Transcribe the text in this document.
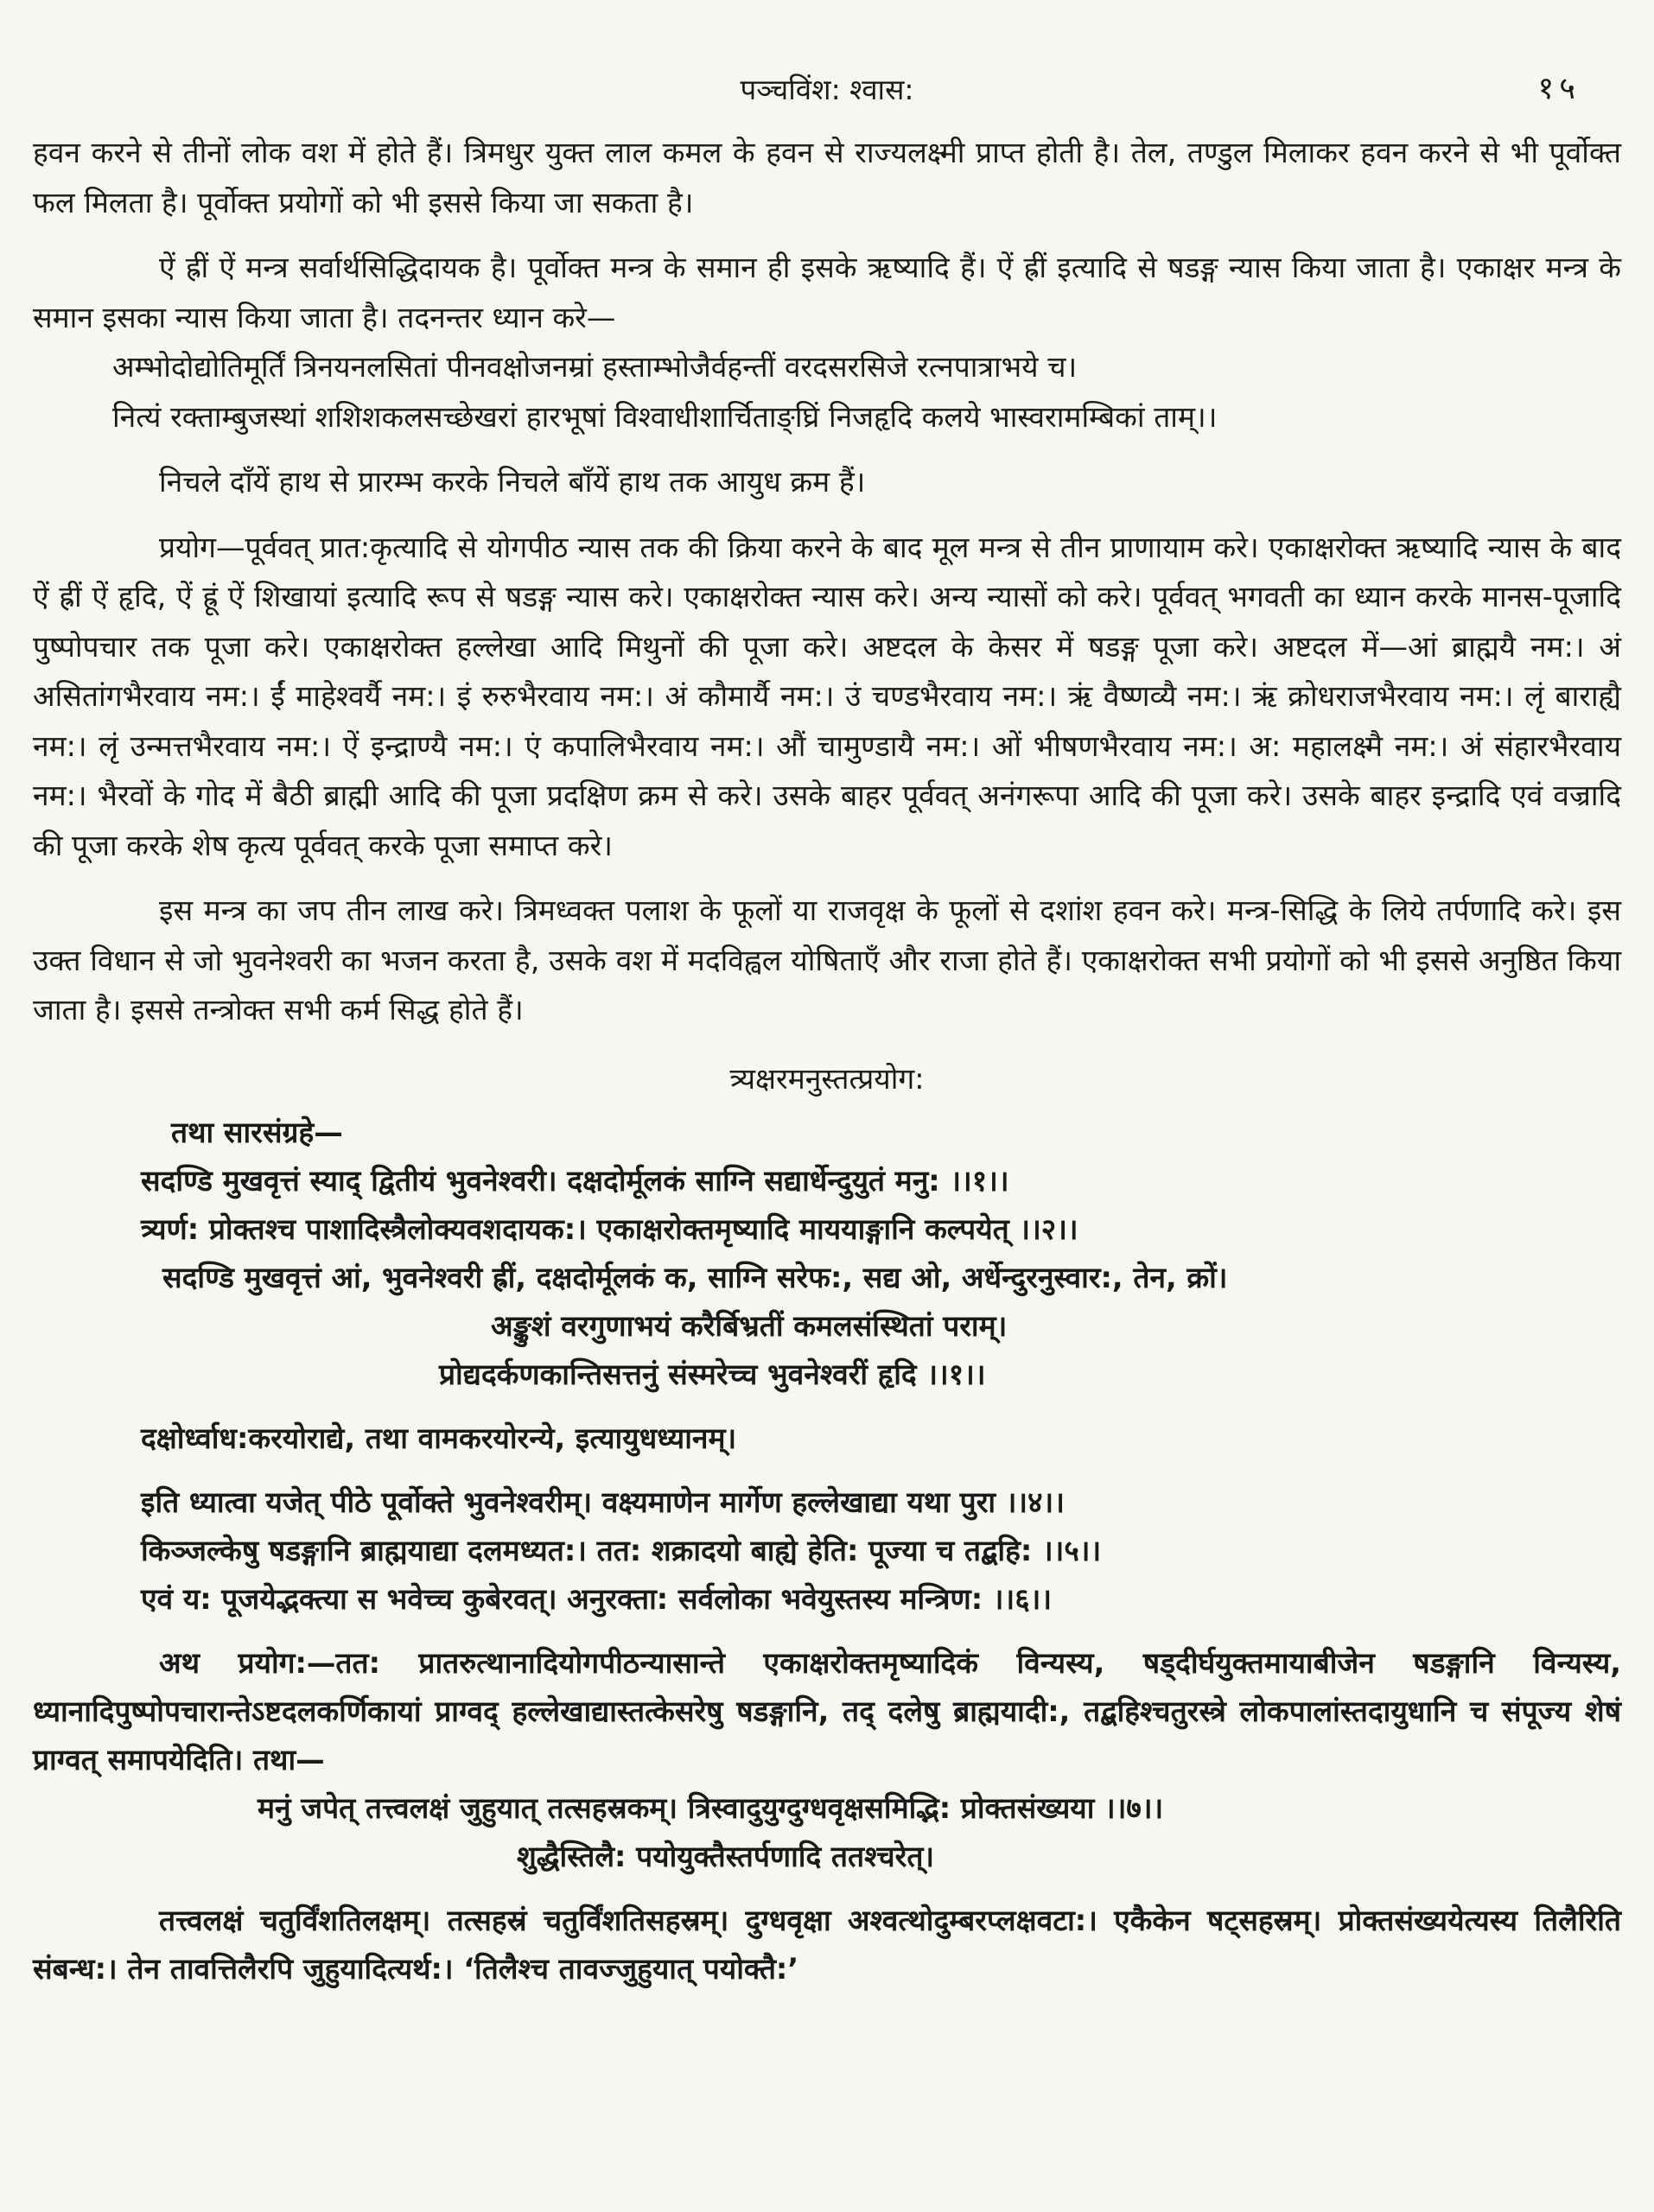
पञ्चविंश: श्वास:	१५

हवन करने से तीनों लोक वश में होते हैं। त्रिमधुर युक्त लाल कमल के हवन से राज्यलक्ष्मी प्राप्त होती है। तेल, तण्डुल मिलाकर हवन करने से भी पूर्वोक्त फल मिलता है। पूर्वोक्त प्रयोगों को भी इससे किया जा सकता है।

ऐं ह्रीं ऐं मन्त्र सर्वार्थसिद्धिदायक है। पूर्वोक्त मन्त्र के समान ही इसके ऋष्यादि हैं। ऐं ह्रीं इत्यादि से षडङ्ग न्यास किया जाता है। एकाक्षर मन्त्र के समान इसका न्यास किया जाता है। तदनन्तर ध्यान करे—

अम्भोदोद्योतिमूर्तिं त्रिनयनलसितां पीनवक्षोजनम्रां हस्ताम्भोजैर्वहन्तीं वरदसरसिजे रत्नपात्राभये च।

नित्यं रक्ताम्बुजस्थां शशिशकलसच्छेखरां हारभूषां विश्वाधीशार्चिताङ्घ्रिं निजहृदि कलये भास्वरामम्बिकां ताम्।।

निचले दाँयें हाथ से प्रारम्भ करके निचले बाँयें हाथ तक आयुध क्रम हैं।

प्रयोग—पूर्ववत् प्रात:कृत्यादि से योगपीठ न्यास तक की क्रिया करने के बाद मूल मन्त्र से तीन प्राणायाम करे। एकाक्षरोक्त ऋष्यादि न्यास के बाद ऐं ह्रीं ऐं हृदि, ऐं ह्रूं ऐं शिखायां इत्यादि रूप से षडङ्ग न्यास करे। एकाक्षरोक्त न्यास करे। अन्य न्यासों को करे। पूर्ववत् भगवती का ध्यान करके मानस-पूजादि पुष्पोपचार तक पूजा करे। एकाक्षरोक्त हल्लेखा आदि मिथुनों की पूजा करे। अष्टदल के केसर में षडङ्ग पूजा करे। अष्टदल में—आं ब्राह्मयै नम:। अं असितांगभैरवाय नम:। ईं माहेश्वर्यै नम:। इं रुरुभैरवाय नम:। अं कौमार्यै नम:। उं चण्डभैरवाय नम:। ऋं वैष्णव्यै नम:। ऋं क्रोधराजभैरवाय नम:। लृं बाराह्यै नम:। लृं उन्मत्तभैरवाय नम:। ऐं इन्द्राण्यै नम:। एं कपालिभैरवाय नम:। औं चामुण्डायै नम:। ओं भीषणभैरवाय नम:। अ: महालक्ष्मै नम:। अं संहारभैरवाय नम:। भैरवों के गोद में बैठी ब्राह्मी आदि की पूजा प्रदक्षिण क्रम से करे। उसके बाहर पूर्ववत् अनंगरूपा आदि की पूजा करे। उसके बाहर इन्द्रादि एवं वज्रादि की पूजा करके शेष कृत्य पूर्ववत् करके पूजा समाप्त करे।

इस मन्त्र का जप तीन लाख करे। त्रिमध्वक्त पलाश के फूलों या राजवृक्ष के फूलों से दशांश हवन करे। मन्त्र-सिद्धि के लिये तर्पणादि करे। इस उक्त विधान से जो भुवनेश्वरी का भजन करता है, उसके वश में मदविह्वल योषिताएँ और राजा होते हैं। एकाक्षरोक्त सभी प्रयोगों को भी इससे अनुष्ठित किया जाता है। इससे तन्त्रोक्त सभी कर्म सिद्ध होते हैं।

त्र्यक्षरमनुस्तत्प्रयोग:

तथा सारसंग्रहे—

सदण्डि मुखवृत्तं स्याद् द्वितीयं भुवनेश्वरी। दक्षदोर्मूलकं साग्नि सद्यार्धेन्दुयुतं मनु: ।।१।।

त्र्यर्ण: प्रोक्तश्च पाशादिस्त्रैलोक्यवशदायक:। एकाक्षरोक्तमृष्यादि माययाङ्गानि कल्पयेत् ।।२।।

सदण्डि मुखवृत्तं आं, भुवनेश्वरी ह्रीं, दक्षदोर्मूलकं क, साग्नि सरेफ:, सद्य ओ, अर्धेन्दुरनुस्वार:, तेन, क्रों।

अङ्कुशं वरगुणाभयं करैर्बिभ्रतीं कमलसंस्थितां पराम्।

प्रोद्यदर्कणकान्तिसत्तनुं संस्मरेच्च भुवनेश्वरीं हृदि ।।१।।

दक्षोर्ध्वाध:करयोराद्ये, तथा वामकरयोरन्ये, इत्यायुधध्यानम्।

इति ध्यात्वा यजेत् पीठे पूर्वोक्ते भुवनेश्वरीम्। वक्ष्यमाणेन मार्गेण हल्लेखाद्या यथा पुरा ।।४।।

किञ्जल्केषु षडङ्गानि ब्राह्मयाद्या दलमध्यत:। तत: शक्रादयो बाह्ये हेति: पूज्या च तद्बहि: ।।५।।

एवं य: पूजयेद्भक्त्या स भवेच्च कुबेरवत्। अनुरक्ता: सर्वलोका भवेयुस्तस्य मन्त्रिण: ।।६।।

अथ प्रयोग:—तत: प्रातरुत्थानादियोगपीठन्यासान्ते एकाक्षरोक्तमृष्यादिकं विन्यस्य, षड्दीर्घयुक्तमायाबीजेन षडङ्गानि विन्यस्य, ध्यानादिपुष्पोपचारान्तेऽष्टदलकर्णिकायां प्राग्वद् हल्लेखाद्यास्तत्केसरेषु षडङ्गानि, तद् दलेषु ब्राह्मयादी:, तद्बहिश्चतुरस्त्रे लोकपालांस्तदायुधानि च संपूज्य शेषं प्राग्वत् समापयेदिति। तथा—

मनुं जपेत् तत्त्वलक्षं जुहुयात् तत्सहस्रकम्। त्रिस्वादुयुग्दुग्धवृक्षसमिद्भि: प्रोक्तसंख्यया ।।७।।

शुद्धैस्तिलै: पयोयुक्तैस्तर्पणादि ततश्चरेत्।

तत्त्वलक्षं चतुर्विंशतिलक्षम्। तत्सहस्रं चतुर्विंशतिसहस्रम्। दुग्धवृक्षा अश्वत्थोदुम्बरप्लक्षवटा:। एकैकेन षट्सहस्रम्। प्रोक्तसंख्ययेत्यस्य तिलैरिति संबन्ध:। तेन तावत्तिलैरपि जुहुयादित्यर्थ:। ‘तिलैश्च तावज्जुहुयात् पयोक्तै:’
